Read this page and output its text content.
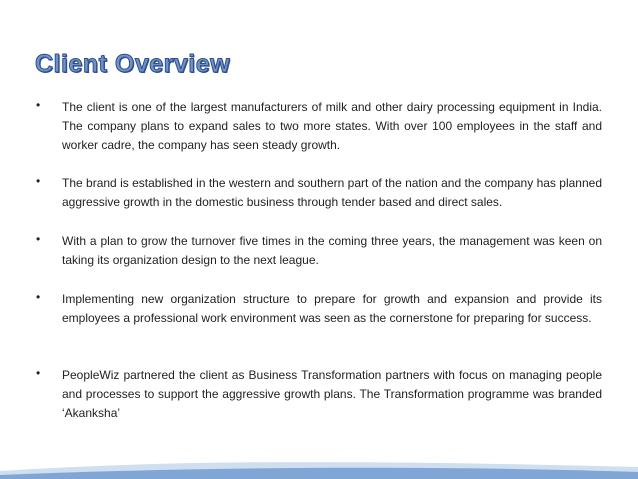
Client Overview
• The client is one of the largest manufacturers of milk and other dairy processing equipment in India. The company plans to expand sales to two more states. With over 100 employees in the staff and worker cadre, the company has seen steady growth.
• The brand is established in the western and southern part of the nation and the company has planned aggressive growth in the domestic business through tender based and direct sales.
• With a plan to grow the turnover five times in the coming three years, the management was keen on taking its organization design to the next league.
• Implementing new organization structure to prepare for growth and expansion and provide its employees a professional work environment was seen as the cornerstone for preparing for success.
• PeopleWiz partnered the client as Business Transformation partners with focus on managing people and processes to support the aggressive growth plans. The Transformation programme was branded ‘Akanksha’
